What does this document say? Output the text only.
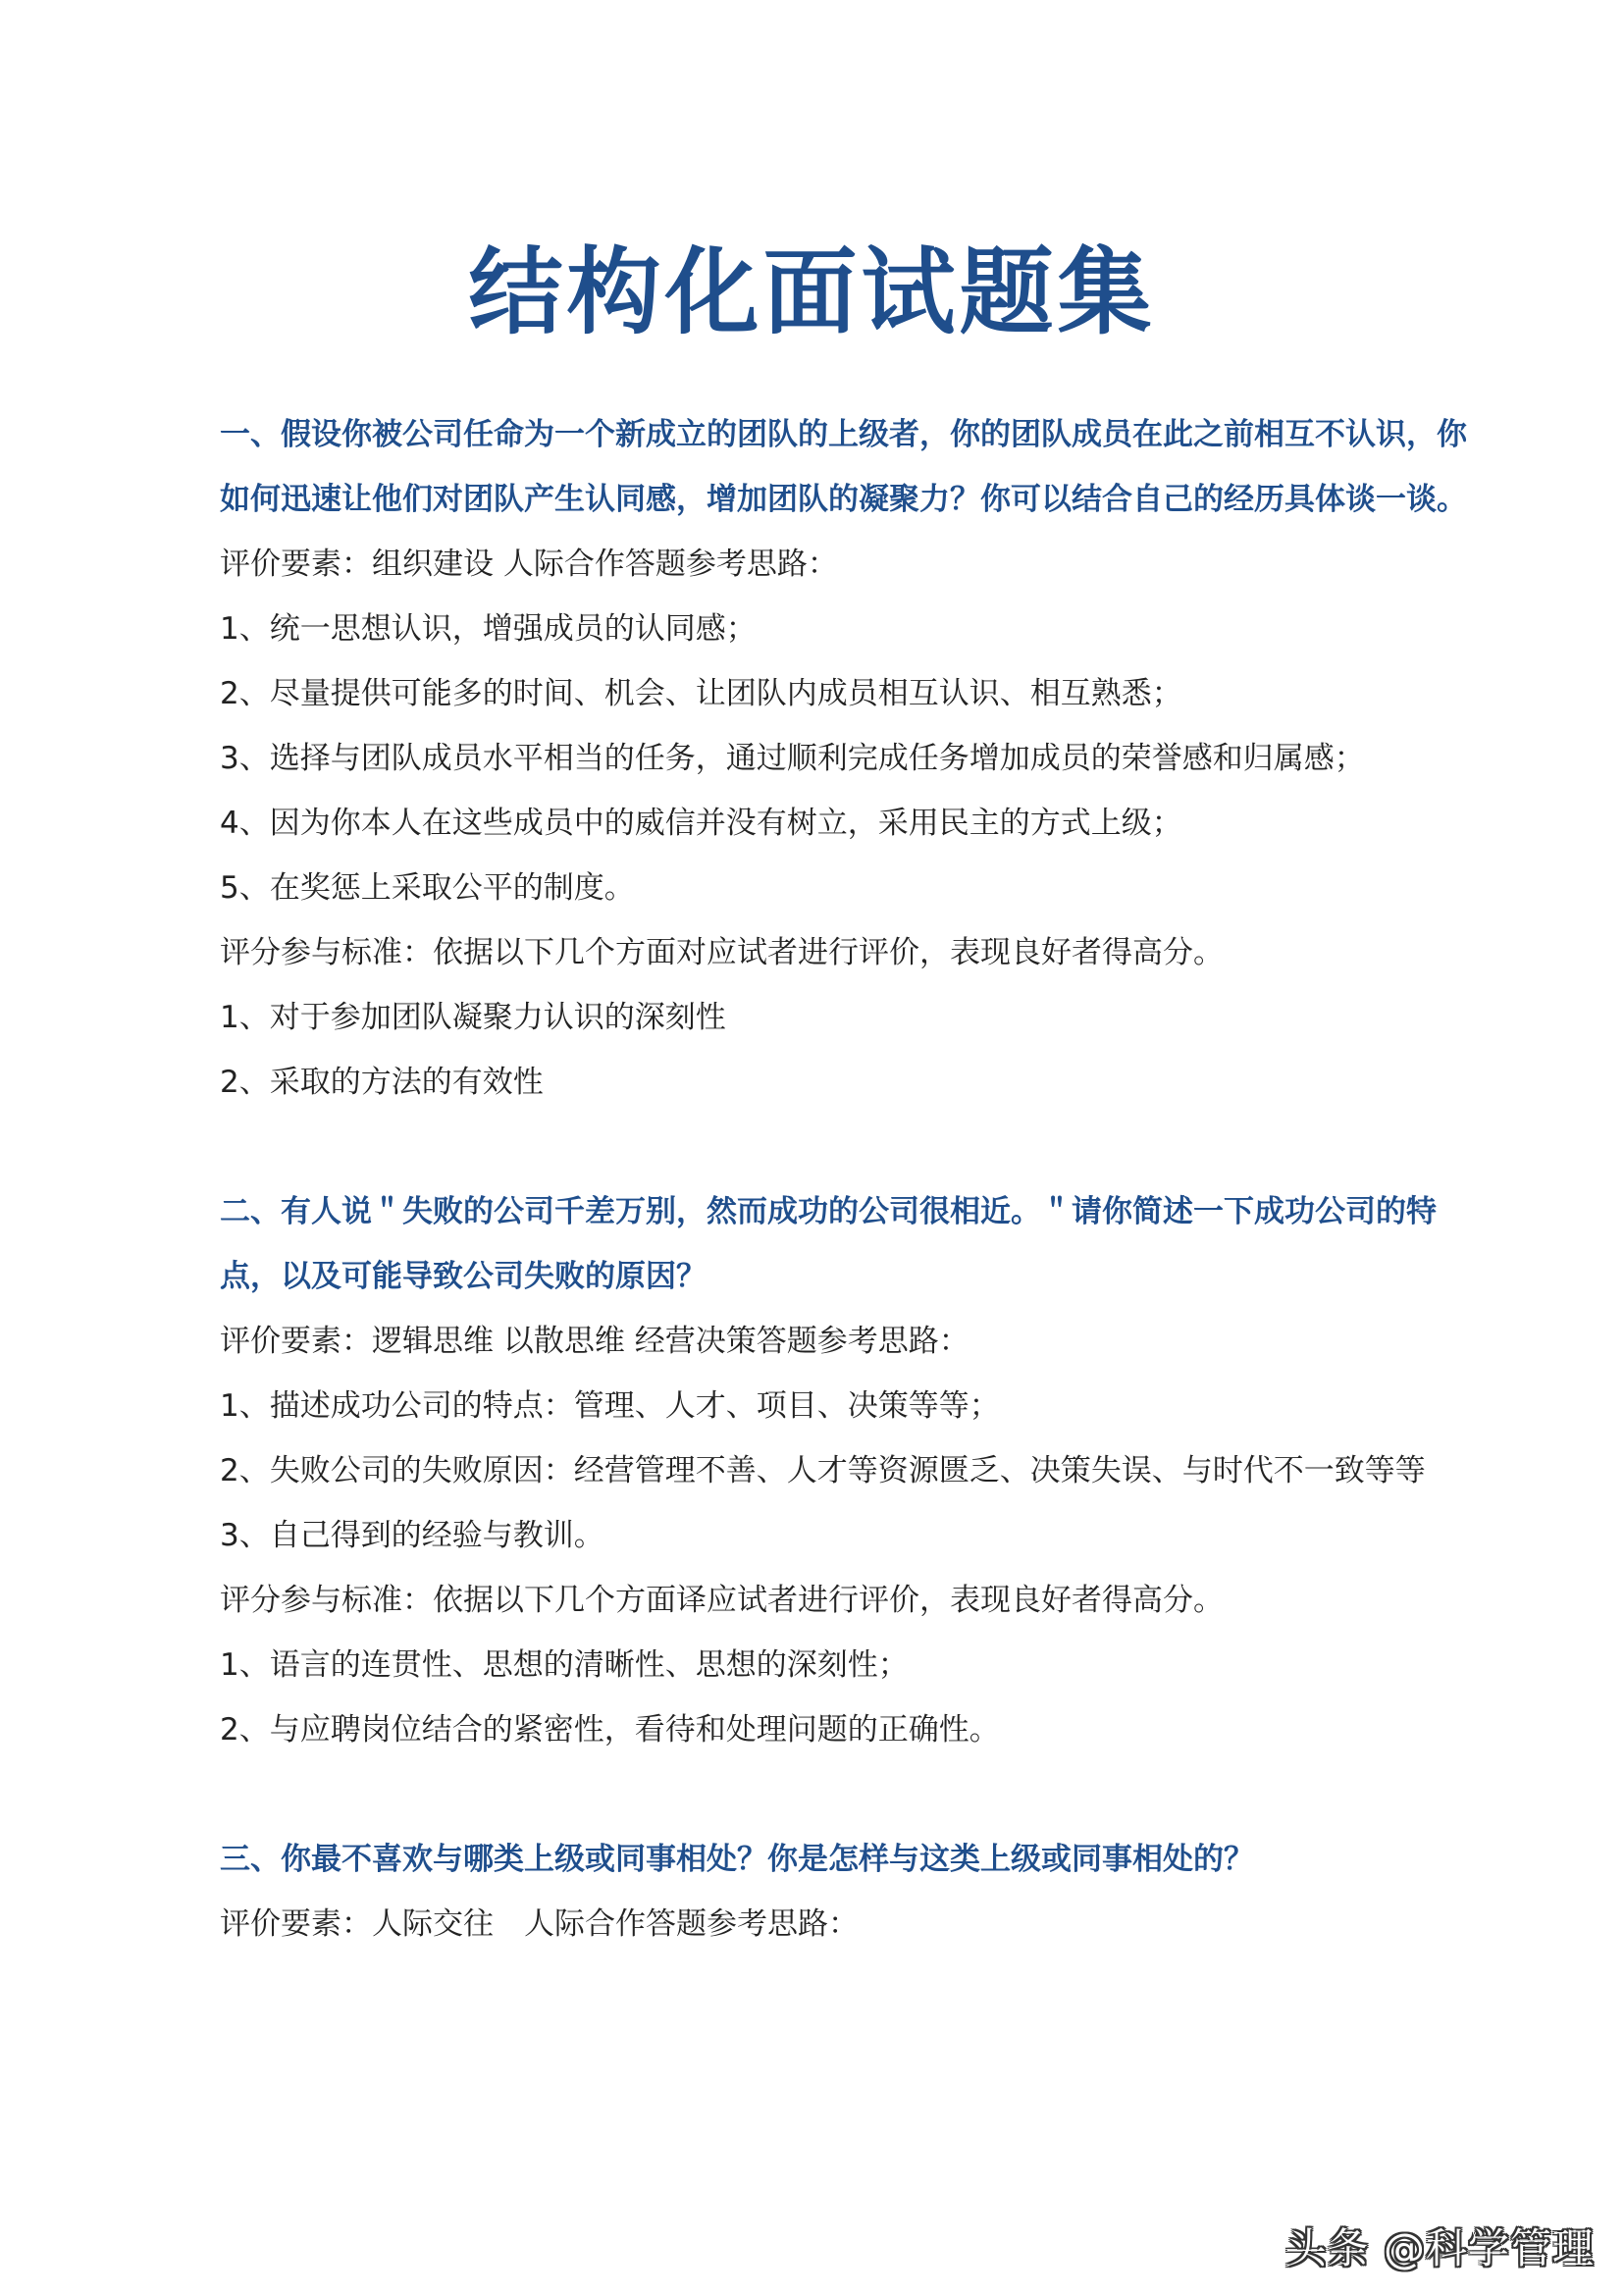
结构化面试题集

一、假设你被公司任命为一个新成立的团队的上级者，你的团队成员在此之前相互不认识，你如何迅速让他们对团队产生认同感，增加团队的凝聚力？你可以结合自己的经历具体谈一谈。

评价要素：组织建设 人际合作答题参考思路：

1、统一思想认识，增强成员的认同感；

2、尽量提供可能多的时间、机会、让团队内成员相互认识、相互熟悉；

3、选择与团队成员水平相当的任务，通过顺利完成任务增加成员的荣誉感和归属感；

4、因为你本人在这些成员中的威信并没有树立，采用民主的方式上级；

5、在奖惩上采取公平的制度。

评分参与标准：依据以下几个方面对应试者进行评价，表现良好者得高分。

1、对于参加团队凝聚力认识的深刻性

2、采取的方法的有效性

二、有人说＂失败的公司千差万别，然而成功的公司很相近。＂请你简述一下成功公司的特点，以及可能导致公司失败的原因？

评价要素：逻辑思维 以散思维 经营决策答题参考思路：

1、描述成功公司的特点：管理、人才、项目、决策等等；

2、失败公司的失败原因：经营管理不善、人才等资源匮乏、决策失误、与时代不一致等等

3、自己得到的经验与教训。

评分参与标准：依据以下几个方面译应试者进行评价，表现良好者得高分。

1、语言的连贯性、思想的清晰性、思想的深刻性；

2、与应聘岗位结合的紧密性，看待和处理问题的正确性。

三、你最不喜欢与哪类上级或同事相处？你是怎样与这类上级或同事相处的？

评价要素：人际交往　人际合作答题参考思路：

头条 @科学管理
